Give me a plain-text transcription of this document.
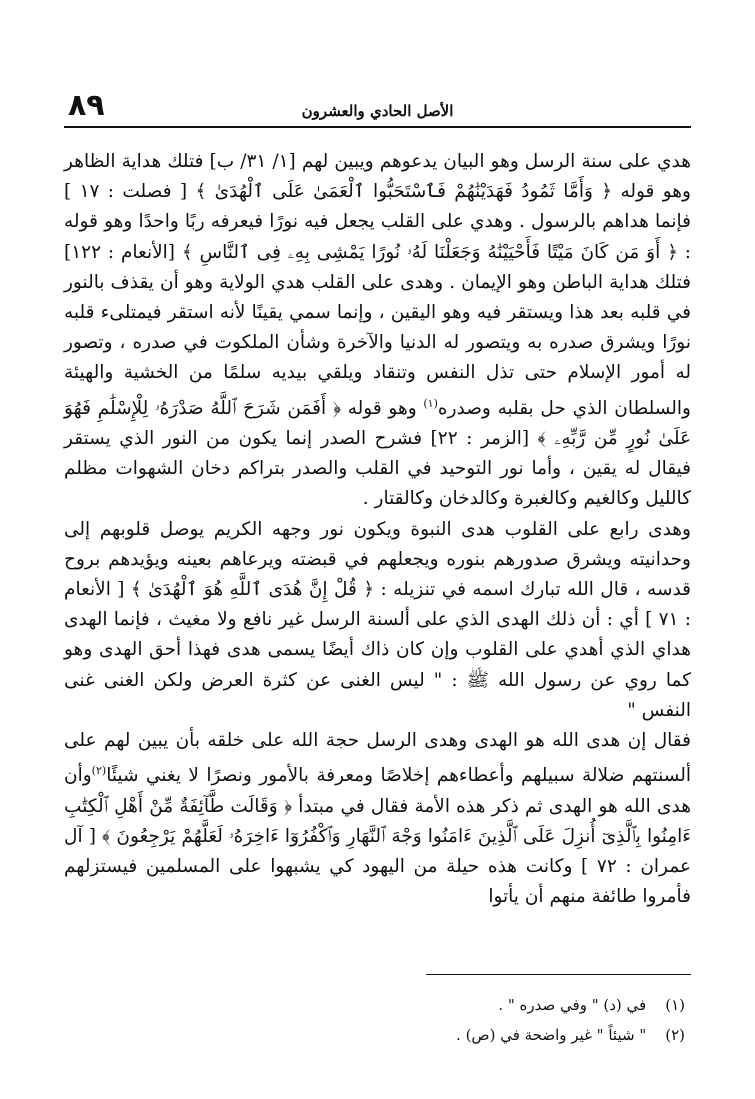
٨٩	الأصل الحادي والعشرون

هدي على سنة الرسل وهو البيان يدعوهم ويبين لهم [١/ ٣١/ ب] فتلك هداية الظاهر وهو قوله ﴿ وَأَمَّا ثَمُودُ فَهَدَيْنَٰهُمْ فَٱسْتَحَبُّوا ٱلْعَمَىٰ عَلَى ٱلْهُدَىٰ ﴾ [ فصلت : ١٧ ] فإنما هداهم بالرسول . وهدي على القلب يجعل فيه نورًا فيعرفه ربًا واحدًا وهو قوله : ﴿ أَوَ مَن كَانَ مَيْتًا فَأَحْيَيْنَٰهُ وَجَعَلْنَا لَهُۥ نُورًا يَمْشِى بِهِۦ فِى ٱلنَّاسِ ﴾ [الأنعام : ١٢٢] فتلك هداية الباطن وهو الإيمان . وهدى على القلب هدي الولاية وهو أن يقذف بالنور في قلبه بعد هذا ويستقر فيه وهو اليقين ، وإنما سمي يقينًا لأنه استقر فيمتلىء قلبه نورًا ويشرق صدره به ويتصور له الدنيا والآخرة وشأن الملكوت في صدره ، وتصور له أمور الإسلام حتى تذل النفس وتنقاد ويلقي بيديه سلمًا من الخشية والهيئة والسلطان الذي حل بقلبه وصدره$^{(١)}$ وهو قوله ﴿ أَفَمَن شَرَحَ ٱللَّهُ صَدْرَهُۥ لِلْإِسْلَٰمِ فَهُوَ عَلَىٰ نُورٍ مِّن رَّبِّهِۦ ﴾ [الزمر : ٢٢] فشرح الصدر إنما يكون من النور الذي يستقر فيقال له يقين ، وأما نور التوحيد في القلب والصدر بتراكم دخان الشهوات مظلم كالليل وكالغيم وكالغبرة وكالدخان وكالقتار .

وهدى رابع على القلوب هدى النبوة ويكون نور وجهه الكريم يوصل قلوبهم إلى وحدانيته ويشرق صدورهم بنوره ويجعلهم في قبضته ويرعاهم بعينه ويؤيدهم بروح قدسه ، قال الله تبارك اسمه في تنزيله : ﴿ قُلْ إِنَّ هُدَى ٱللَّهِ هُوَ ٱلْهُدَىٰ ﴾ [ الأنعام : ٧١ ] أي : أن ذلك الهدى الذي على ألسنة الرسل غير نافع ولا مغيث ، فإنما الهدى هداي الذي أهدي على القلوب وإن كان ذاك أيضًا يسمى هدى فهذا أحق الهدى وهو كما روي عن رسول الله ﷺ : " ليس الغنى عن كثرة العرض ولكن الغنى غنى النفس "

فقال إن هدى الله هو الهدى وهدى الرسل حجة الله على خلقه بأن يبين لهم على ألسنتهم ضلالة سبيلهم وأعطاءهم إخلاصًا ومعرفة بالأمور ونصرًا لا يغني شيئًا$^{(٢)}$وأن هدى الله هو الهدى ثم ذكر هذه الأمة فقال في مبتدأ ﴿ وَقَالَت طَّآئِفَةٌ مِّنْ أَهْلِ ٱلْكِتَٰبِ ءَامِنُوا بِٱلَّذِىٓ أُنزِلَ عَلَى ٱلَّذِينَ ءَامَنُوا وَجْهَ ٱلنَّهَارِ وَٱكْفُرُوٓا ءَاخِرَهُۥ لَعَلَّهُمْ يَرْجِعُونَ ﴾ [ آل عمران : ٧٢ ] وكانت هذه حيلة من اليهود كي يشبهوا على المسلمين فيستزلهم فأمروا طائفة منهم أن يأتوا

(١) في (د) " وفي صدره " .
(٢) " شيئاً " غير واضحة في (ص) .
